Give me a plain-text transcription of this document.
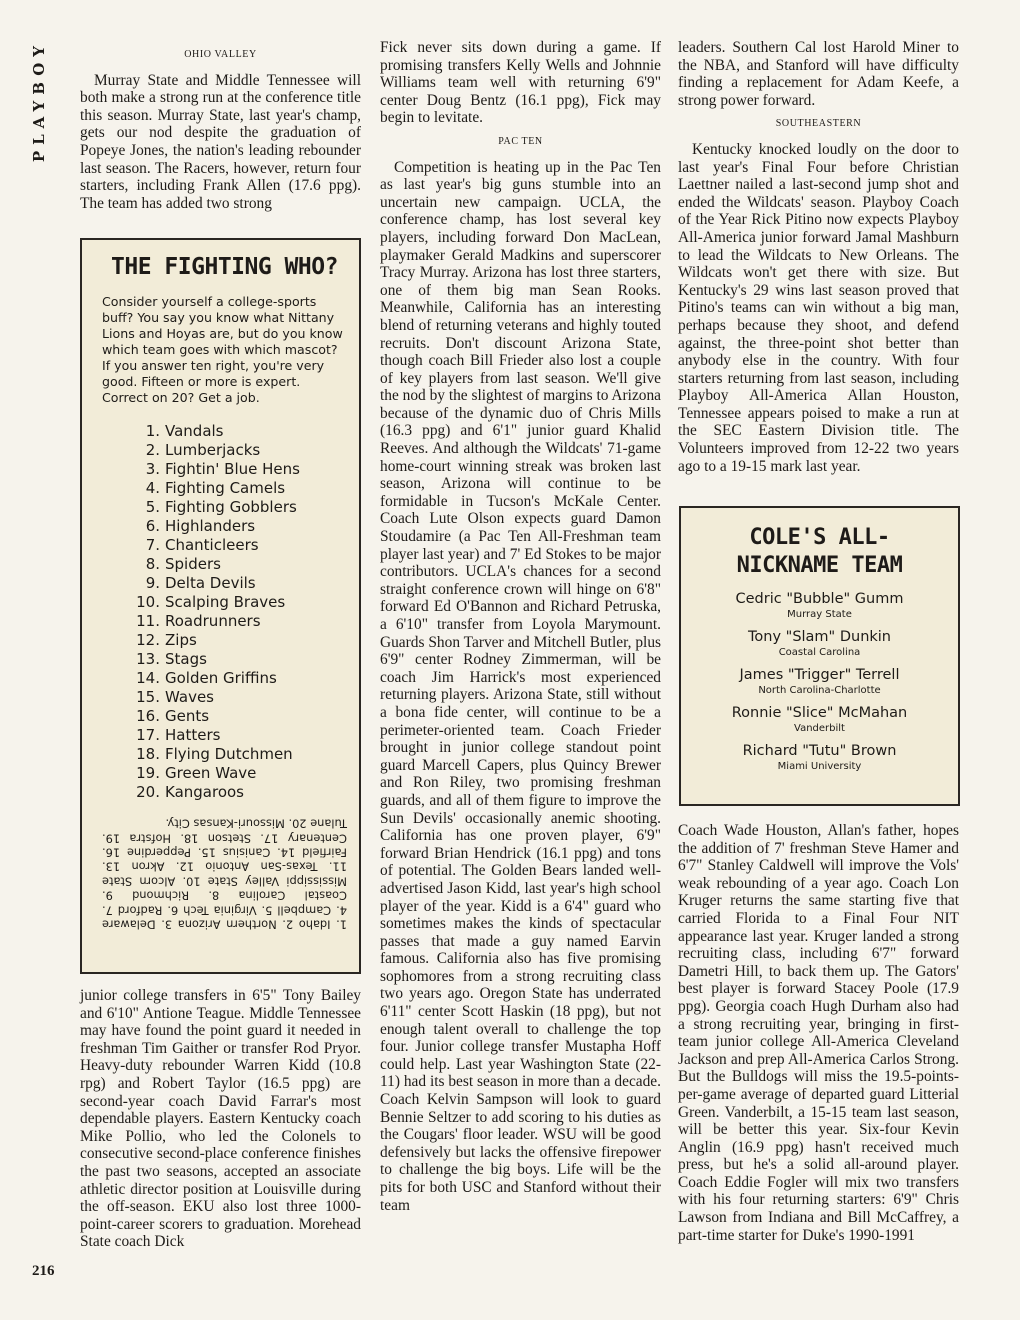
PLAYBOY
216
OHIO VALLEY

Murray State and Middle Tennessee will both make a strong run at the conference title this season. Murray State, last year's champ, gets our nod despite the graduation of Popeye Jones, the nation's leading rebounder last season. The Racers, however, return four starters, including Frank Allen (17.6 ppg). The team has added two strong

THE FIGHTING WHO?

Consider yourself a college-sports buff? You say you know what Nittany Lions and Hoyas are, but do you know which team goes with which mascot? If you answer ten right, you're very good. Fifteen or more is expert. Correct on 20? Get a job.

1. Vandals
2. Lumberjacks
3. Fightin' Blue Hens
4. Fighting Camels
5. Fighting Gobblers
6. Highlanders
7. Chanticleers
8. Spiders
9. Delta Devils
10. Scalping Braves
11. Roadrunners
12. Zips
13. Stags
14. Golden Griffins
15. Waves
16. Gents
17. Hatters
18. Flying Dutchmen
19. Green Wave
20. Kangaroos

1. Idaho 2. Northern Arizona 3. Delaware 4. Campbell 5. Virginia Tech 6. Radford 7. Coastal Carolina 8. Richmond 9. Mississippi Valley State 10. Alcorn State 11. Texas-San Antonio 12. Akron 13. Fairfield 14. Canisius 15. Pepperdine 16. Centenary 17. Stetson 18. Hofstra 19. Tulane 20. Missouri-Kansas City.

junior college transfers in 6'5" Tony Bailey and 6'10" Antione Teague. Middle Tennessee may have found the point guard it needed in freshman Tim Gaither or transfer Rod Pryor. Heavy-duty rebounder Warren Kidd (10.8 rpg) and Robert Taylor (16.5 ppg) are second-year coach David Farrar's most dependable players. Eastern Kentucky coach Mike Pollio, who led the Colonels to consecutive second-place conference finishes the past two seasons, accepted an associate athletic director position at Louisville during the off-season. EKU also lost three 1000-point-career scorers to graduation. Morehead State coach Dick

Fick never sits down during a game. If promising transfers Kelly Wells and Johnnie Williams team well with returning 6'9" center Doug Bentz (16.1 ppg), Fick may begin to levitate.

PAC TEN

Competition is heating up in the Pac Ten as last year's big guns stumble into an uncertain new campaign. UCLA, the conference champ, has lost several key players, including forward Don MacLean, playmaker Gerald Madkins and superscorer Tracy Murray. Arizona has lost three starters, one of them big man Sean Rooks. Meanwhile, California has an interesting blend of returning veterans and highly touted recruits. Don't discount Arizona State, though coach Bill Frieder also lost a couple of key players from last season. We'll give the nod by the slightest of margins to Arizona because of the dynamic duo of Chris Mills (16.3 ppg) and 6'1" junior guard Khalid Reeves. And although the Wildcats' 71-game home-court winning streak was broken last season, Arizona will continue to be formidable in Tucson's McKale Center. Coach Lute Olson expects guard Damon Stoudamire (a Pac Ten All-Freshman team player last year) and 7' Ed Stokes to be major contributors. UCLA's chances for a second straight conference crown will hinge on 6'8" forward Ed O'Bannon and Richard Petruska, a 6'10" transfer from Loyola Marymount. Guards Shon Tarver and Mitchell Butler, plus 6'9" center Rodney Zimmerman, will be coach Jim Harrick's most experienced returning players. Arizona State, still without a bona fide center, will continue to be a perimeter-oriented team. Coach Frieder brought in junior college standout point guard Marcell Capers, plus Quincy Brewer and Ron Riley, two promising freshman guards, and all of them figure to improve the Sun Devils' occasionally anemic shooting. California has one proven player, 6'9" forward Brian Hendrick (16.1 ppg) and tons of potential. The Golden Bears landed well-advertised Jason Kidd, last year's high school player of the year. Kidd is a 6'4" guard who sometimes makes the kinds of spectacular passes that made a guy named Earvin famous. California also has five promising sophomores from a strong recruiting class two years ago. Oregon State has underrated 6'11" center Scott Haskin (18 ppg), but not enough talent overall to challenge the top four. Junior college transfer Mustapha Hoff could help. Last year Washington State (22-11) had its best season in more than a decade. Coach Kelvin Sampson will look to guard Bennie Seltzer to add scoring to his duties as the Cougars' floor leader. WSU will be good defensively but lacks the offensive firepower to challenge the big boys. Life will be the pits for both USC and Stanford without their team

leaders. Southern Cal lost Harold Miner to the NBA, and Stanford will have difficulty finding a replacement for Adam Keefe, a strong power forward.

SOUTHEASTERN

Kentucky knocked loudly on the door to last year's Final Four before Christian Laettner nailed a last-second jump shot and ended the Wildcats' season. Playboy Coach of the Year Rick Pitino now expects Playboy All-America junior forward Jamal Mashburn to lead the Wildcats to New Orleans. The Wildcats won't get there with size. But Kentucky's 29 wins last season proved that Pitino's teams can win without a big man, perhaps because they shoot, and defend against, the three-point shot better than anybody else in the country. With four starters returning from last season, including Playboy All-America Allan Houston, Tennessee appears poised to make a run at the SEC Eastern Division title. The Volunteers improved from 12-22 two years ago to a 19-15 mark last year.

COLE'S ALL-NICKNAME TEAM
Cedric "Bubble" Gumm
Murray State
Tony "Slam" Dunkin
Coastal Carolina
James "Trigger" Terrell
North Carolina-Charlotte
Ronnie "Slice" McMahan
Vanderbilt
Richard "Tutu" Brown
Miami University

Coach Wade Houston, Allan's father, hopes the addition of 7' freshman Steve Hamer and 6'7" Stanley Caldwell will improve the Vols' weak rebounding of a year ago. Coach Lon Kruger returns the same starting five that carried Florida to a Final Four NIT appearance last year. Kruger landed a strong recruiting class, including 6'7" forward Dametri Hill, to back them up. The Gators' best player is forward Stacey Poole (17.9 ppg). Georgia coach Hugh Durham also had a strong recruiting year, bringing in first-team junior college All-America Cleveland Jackson and prep All-America Carlos Strong. But the Bulldogs will miss the 19.5-points-per-game average of departed guard Litterial Green. Vanderbilt, a 15-15 team last season, will be better this year. Six-four Kevin Anglin (16.9 ppg) hasn't received much press, but he's a solid all-around player. Coach Eddie Fogler will mix two transfers with his four returning starters: 6'9" Chris Lawson from Indiana and Bill McCaffrey, a part-time starter for Duke's 1990-1991
